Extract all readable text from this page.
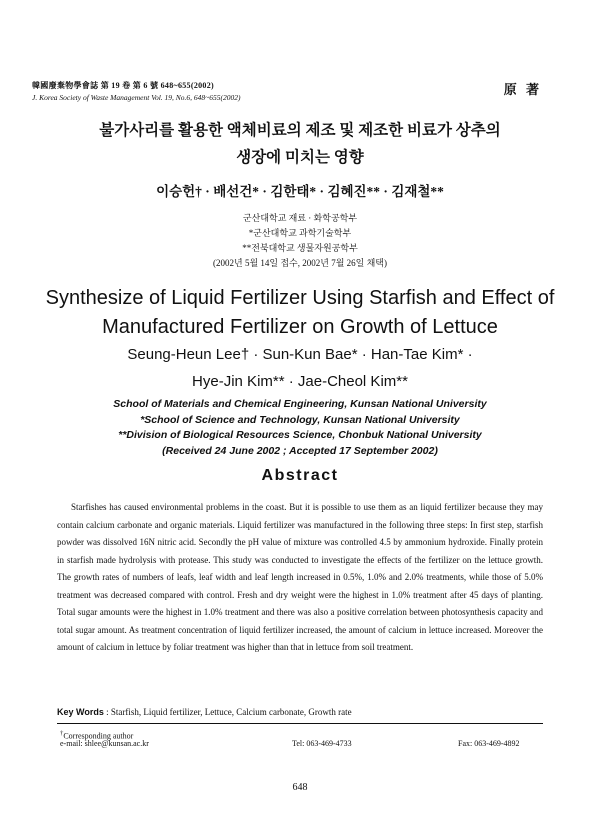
韓國廢棄物學會誌 第 19 卷 第 6 號 648~655(2002)
J. Korea Society of Waste Management Vol. 19, No.6, 648~655(2002)
原 著
불가사리를 활용한 액체비료의 제조 및 제조한 비료가 상추의
생장에 미치는 영향
이승헌† · 배선건* · 김한태* · 김혜진** · 김재철**
군산대학교 재료 · 화학공학부
*군산대학교 과학기술학부
**전북대학교 생물자원공학부
(2002년 5월 14일 접수, 2002년 7월 26일 채택)
Synthesize of Liquid Fertilizer Using Starfish and Effect of
Manufactured Fertilizer on Growth of Lettuce
Seung-Heun Lee† · Sun-Kun Bae* · Han-Tae Kim* ·
Hye-Jin Kim** · Jae-Cheol Kim**
School of Materials and Chemical Engineering, Kunsan National University
*School of Science and Technology, Kunsan National University
**Division of Biological Resources Science, Chonbuk National University
(Received 24 June 2002 ; Accepted 17 September 2002)
Abstract

Starfishes has caused environmental problems in the coast. But it is possible to use them as an liquid fertilizer because they may contain calcium carbonate and organic materials. Liquid fertilizer was manufactured in the following three steps: In first step, starfish powder was dissolved 16N nitric acid. Secondly the pH value of mixture was controlled 4.5 by ammonium hydroxide. Finally protein in starfish made hydrolysis with protease. This study was conducted to investigate the effects of the fertilizer on the lettuce growth. The growth rates of numbers of leafs, leaf width and leaf length increased in 0.5%, 1.0% and 2.0% treatments, while those of 5.0% treatment was decreased compared with control. Fresh and dry weight were the highest in 1.0% treatment after 45 days of planting. Total sugar amounts were the highest in 1.0% treatment and there was also a positive correlation between photosynthesis capacity and total sugar amount. As treatment concentration of liquid fertilizer increased, the amount of calcium in lettuce increased. Moreover the amount of calcium in lettuce by foliar treatment was higher than that in lettuce from soil treatment.

Key Words : Starfish, Liquid fertilizer, Lettuce, Calcium carbonate, Growth rate
†Corresponding author
e-mail: shlee@kunsan.ac.kr	Tel: 063-469-4733	Fax: 063-469-4892
648
